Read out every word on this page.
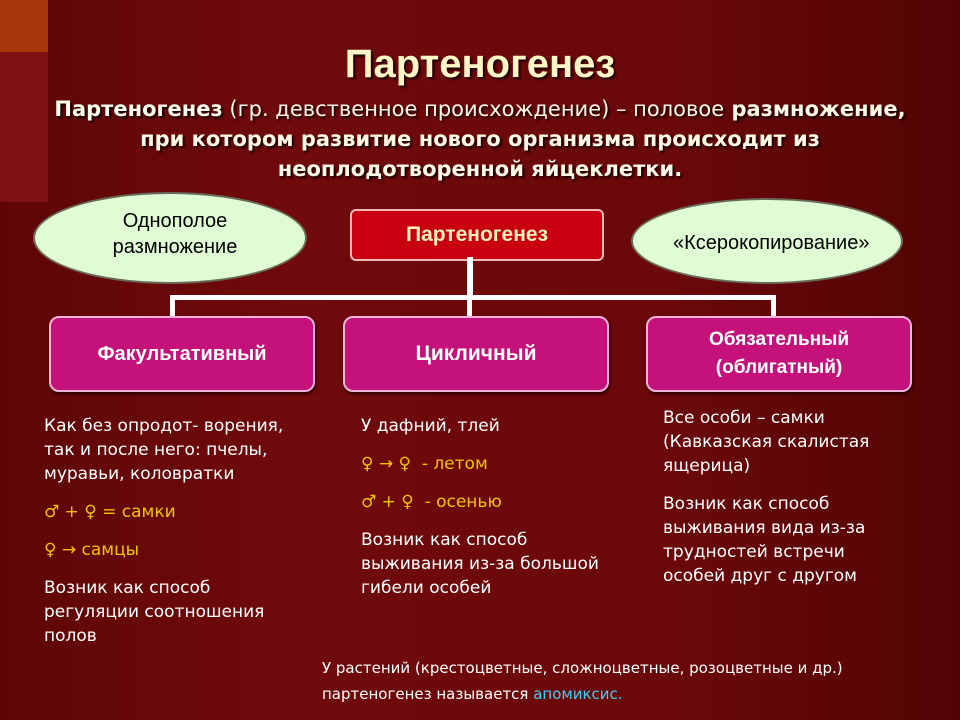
Партеногенез

Партеногенез (гр. девственное происхождение) – половое размножение, при котором развитие нового организма происходит из неоплодотворенной яйцеклетки.

Однополое
размножение	«Ксерокопирование»
Партеногенез
Факультативный	Цикличный
Обязательный
(облигатный)

Как без опродот- ворения, так и после него: пчелы, муравьи, коловратки

♂ + ♀ = самки

♀ → самцы

Возник как способ регуляции соотношения полов

У дафний, тлей

♀ → ♀ - летом

♂ + ♀ - осенью

Возник как способ выживания из-за большой гибели особей

Все особи – самки (Кавказская скалистая ящерица)

Возник как способ выживания вида из-за трудностей встречи особей друг с другом

У растений (крестоцветные, сложноцветные, розоцветные и др.) партеногенез называется апомиксис.
